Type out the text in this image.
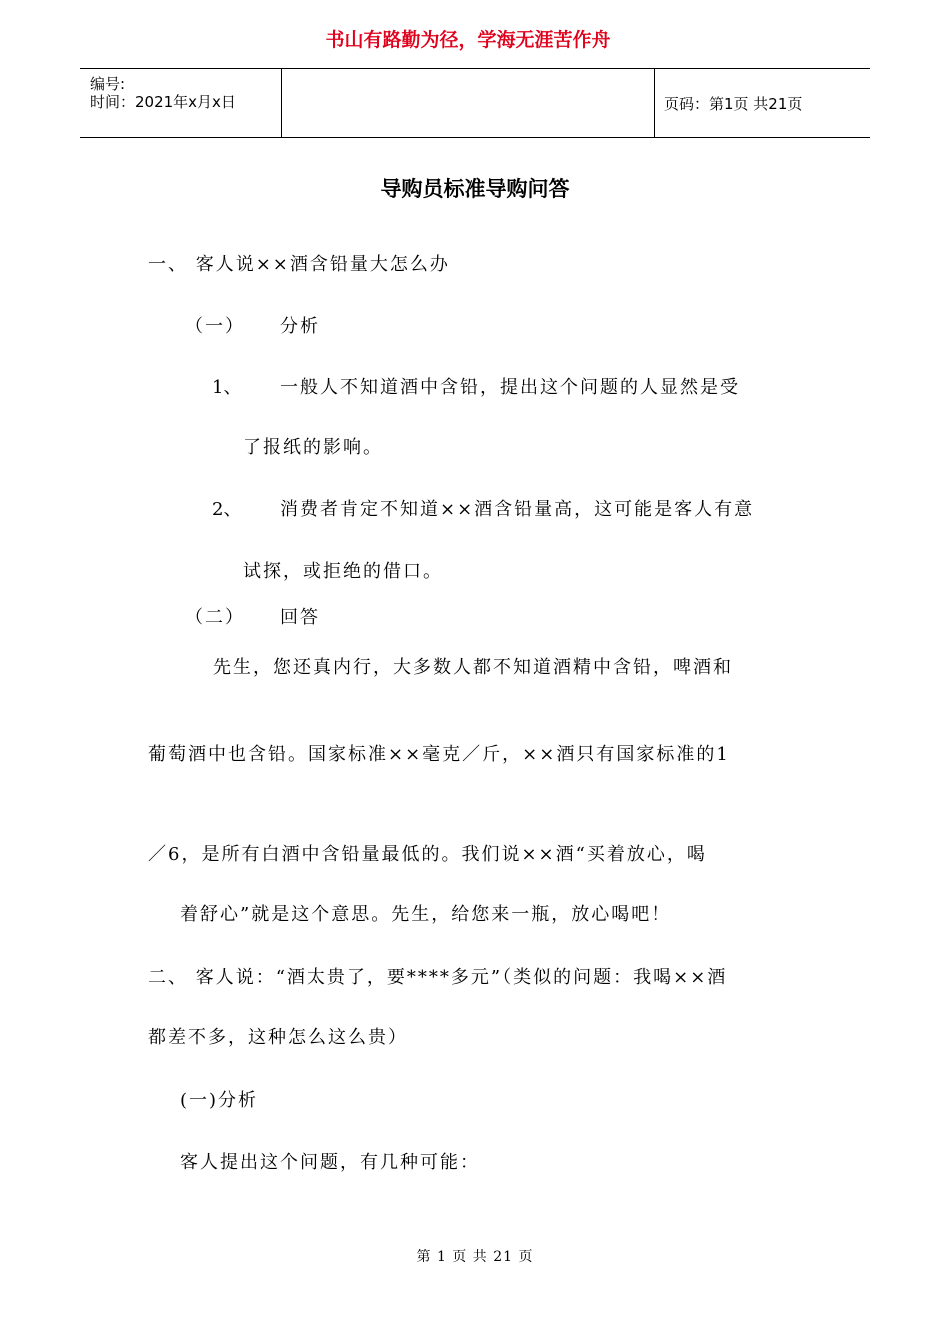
编号:
时间：2021年x月x日	页码：第1页 共21页
书山有路勤为径，学海无涯苦作舟
导购员标准导购问答
一、 客人说××酒含铅量大怎么办
（一） 分析
1、 一般人不知道酒中含铅，提出这个问题的人显然是受
了报纸的影响。
2、 消费者肯定不知道××酒含铅量高，这可能是客人有意
试探，或拒绝的借口。
（二） 回答
先生，您还真内行，大多数人都不知道酒精中含铅，啤酒和
葡萄酒中也含铅。国家标准××毫克／斤，××酒只有国家标准的1
／6，是所有白酒中含铅量最低的。我们说××酒“买着放心，喝
着舒心”就是这个意思。先生，给您来一瓶，放心喝吧！
二、 客人说：“酒太贵了，要****多元”（类似的问题：我喝××酒
都差不多，这种怎么这么贵）
(一)分析
客人提出这个问题，有几种可能：
第 1 页 共 21 页
